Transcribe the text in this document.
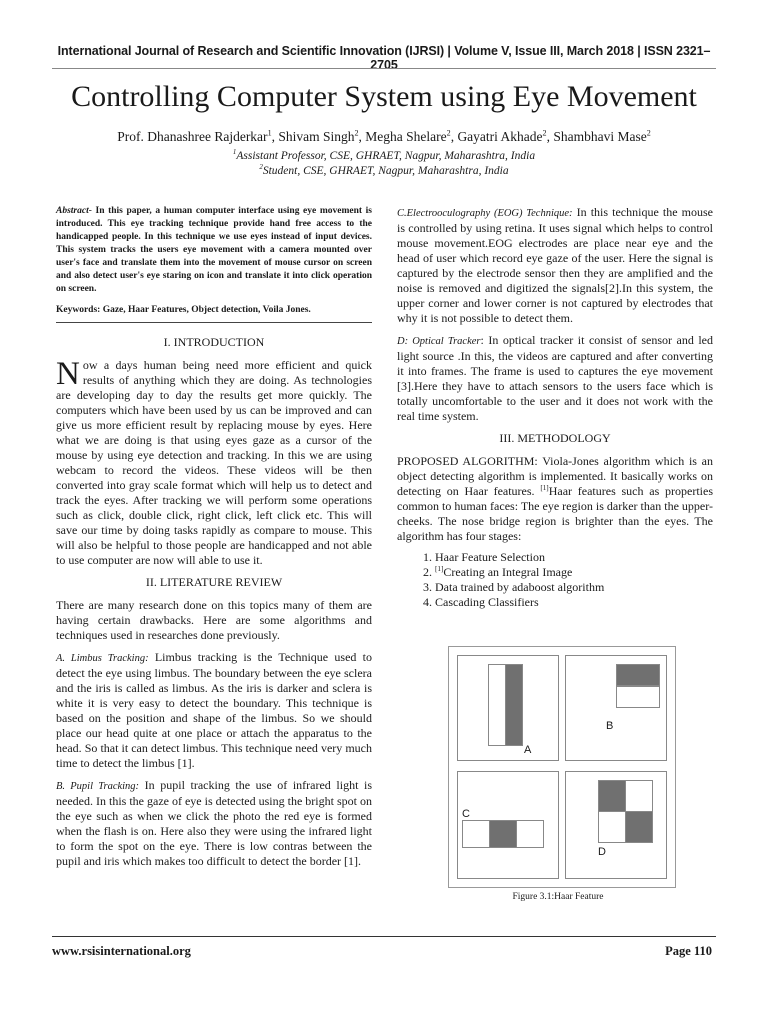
International Journal of Research and Scientific Innovation (IJRSI) | Volume V, Issue III, March 2018 | ISSN 2321–2705
Controlling Computer System using Eye Movement
Prof. Dhanashree Rajderkar$^1$, Shivam Singh$^2$, Megha Shelare$^2$, Gayatri Akhade$^2$, Shambhavi Mase$^2$
$^1$Assistant Professor, CSE, GHRAET, Nagpur, Maharashtra, India
$^2$Student, CSE, GHRAET, Nagpur, Maharashtra, India

Abstract- In this paper, a human computer interface using eye movement is introduced. This eye tracking technique provide hand free access to the handicapped people. In this technique we use eyes instead of input devices. This system tracks the users eye movement with a camera mounted over user's face and translate them into the movement of mouse cursor on screen and also detect user's eye staring on icon and translate it into click operation on screen.

Keywords: Gaze, Haar Features, Object detection, Voila Jones.

I. INTRODUCTION

Now a days human being need more efficient and quick results of anything which they are doing. As technologies are developing day to day the results get more quickly. The computers which have been used by us can be improved and can give us more efficient result by replacing mouse by eyes. Here what we are doing is that using eyes gaze as a cursor of the mouse by using eye detection and tracking. In this we are using webcam to record the videos. These videos will be then converted into gray scale format which will help us to detect and track the eyes. After tracking we will perform some operations such as click, double click, right click, left click etc. This will save our time by doing tasks rapidly as compare to mouse. This will also be helpful to those people are handicapped and not able to use computer are now will able to use it.

II. LITERATURE REVIEW

There are many research done on this topics many of them are having certain drawbacks. Here are some algorithms and techniques used in researches done previously.

A. Limbus Tracking: Limbus tracking is the Technique used to detect the eye using limbus. The boundary between the eye sclera and the iris is called as limbus. As the iris is darker and sclera is white it is very easy to detect the boundary. This technique is based on the position and shape of the limbus. So we should place our head quite at one place or attach the apparatus to the head. So that it can detect limbus. This technique need very much time to detect the limbus [1].

B. Pupil Tracking: In pupil tracking the use of infrared light is needed. In this the gaze of eye is detected using the bright spot on the eye such as when we click the photo the red eye is formed when the flash is on. Here also they were using the infrared light to form the spot on the eye. There is low contras between the pupil and iris which makes too difficult to detect the border [1].

C.Electrooculography (EOG) Technique: In this technique the mouse is controlled by using retina. It uses signal which helps to control mouse movement.EOG electrodes are place near eye and the head of user which record eye gaze of the user. Here the signal is captured by the electrode sensor then they are amplified and the noise is removed and digitized the signals[2].In this system, the upper corner and lower corner is not captured by electrodes that why it is not possible to detect them.

D: Optical Tracker: In optical tracker it consist of sensor and led light source .In this, the videos are captured and after converting it into frames. The frame is used to captures the eye movement [3].Here they have to attach sensors to the users face which is totally uncomfortable to the user and it does not work with the real time system.

III. METHODOLOGY

PROPOSED ALGORITHM: Viola-Jones algorithm which is an object detecting algorithm is implemented. It basically works on detecting on Haar features. [1]Haar features such as properties common to human faces: The eye region is darker than the upper-cheeks. The nose bridge region is brighter than the eyes. The algorithm has four stages:

1. Haar Feature Selection
2. [1]Creating an Integral Image
3. Data trained by adaboost algorithm
4. Cascading Classifiers
A
B
C
D
Figure 3.1:Haar Feature
www.rsisinternational.org	Page 110
